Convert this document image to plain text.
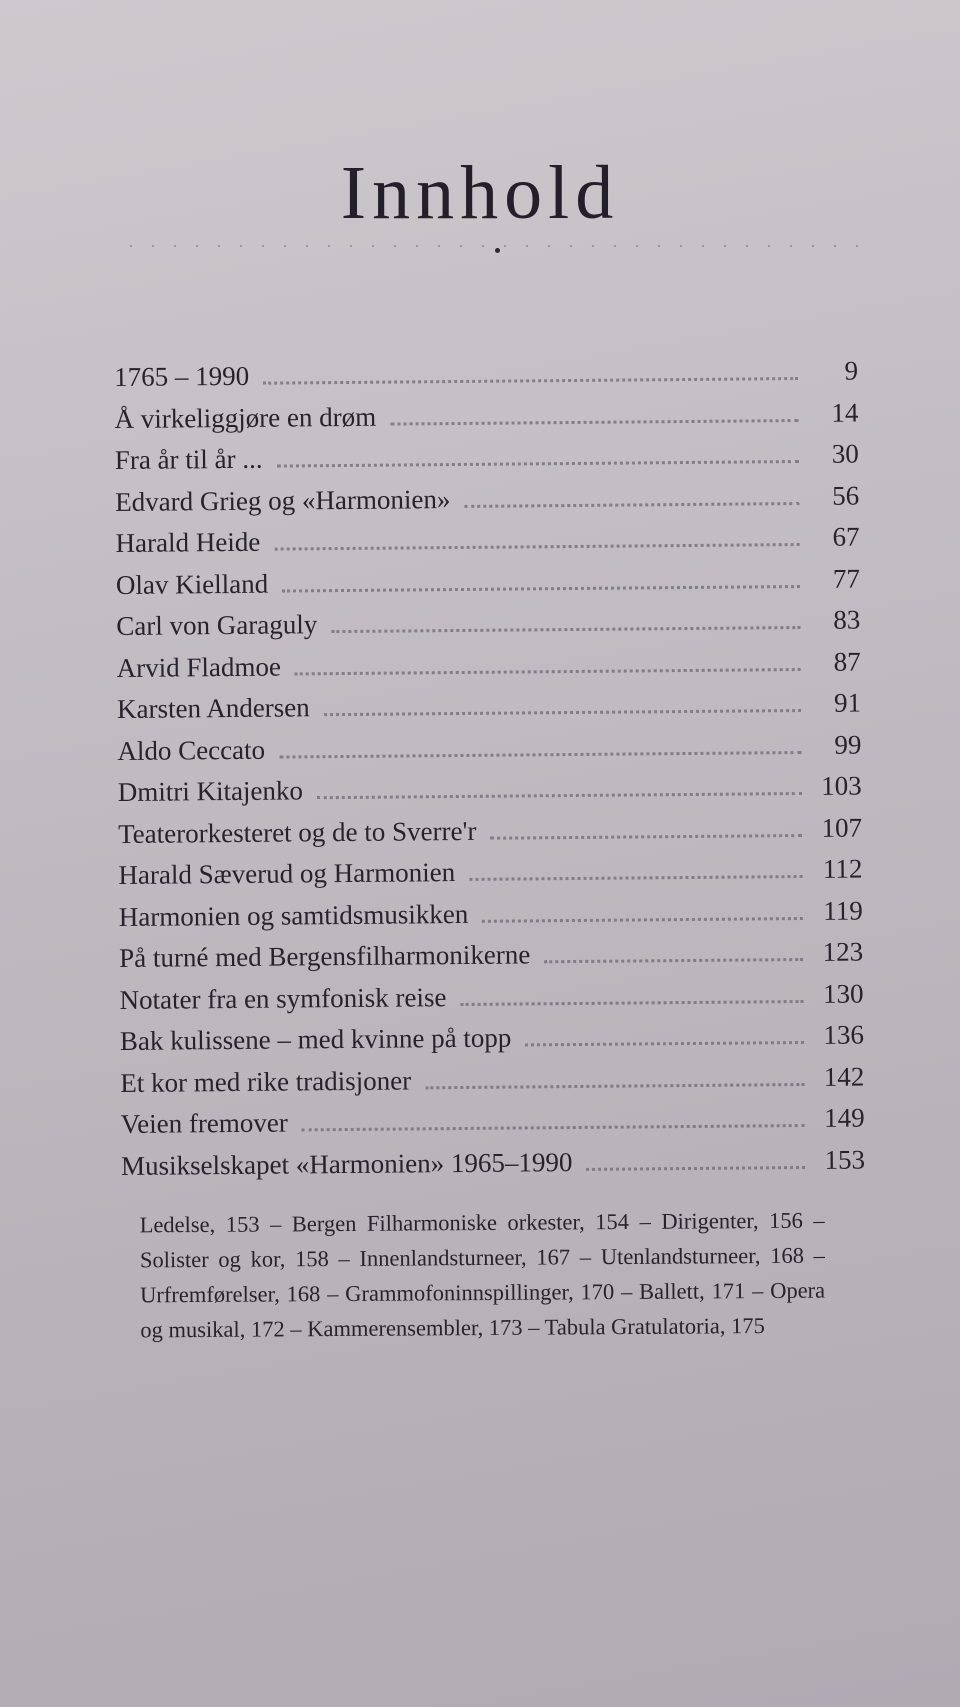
Innhold
1765 – 1990	9
Å virkeliggjøre en drøm	14
Fra år til år ...	30
Edvard Grieg og «Harmonien»	56
Harald Heide	67
Olav Kielland	77
Carl von Garaguly	83
Arvid Fladmoe	87
Karsten Andersen	91
Aldo Ceccato	99
Dmitri Kitajenko	103
Teaterorkesteret og de to Sverre'r	107
Harald Sæverud og Harmonien	112
Harmonien og samtidsmusikken	119
På turné med Bergensfilharmonikerne	123
Notater fra en symfonisk reise	130
Bak kulissene – med kvinne på topp	136
Et kor med rike tradisjoner	142
Veien fremover	149
Musikselskapet «Harmonien» 1965–1990	153
Ledelse, 153 – Bergen Filharmoniske orkester, 154 – Dirigenter, 156 – Solister og kor, 158 – Innenlandsturneer, 167 – Utenlandsturneer, 168 – Urfremførelser, 168 – Grammofoninnspillinger, 170 – Ballett, 171 – Opera og musikal, 172 – Kammerensembler, 173 – Tabula Gratulatoria, 175
